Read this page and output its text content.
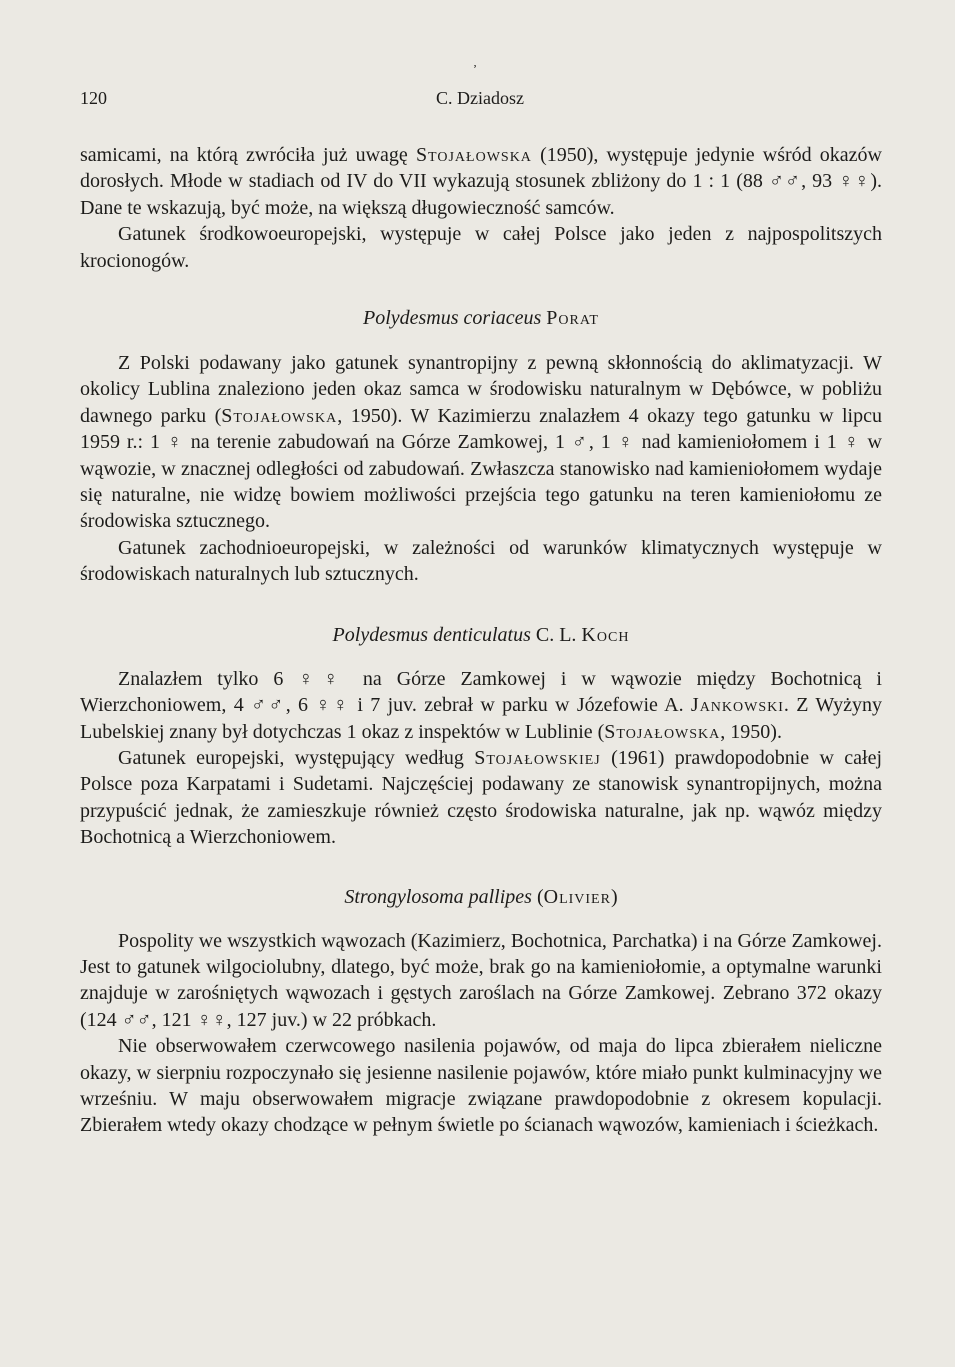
ʼ
120	C. Dziadosz

samicami, na którą zwróciła już uwagę Stojałowska (1950), występuje jedynie wśród okazów dorosłych. Młode w stadiach od IV do VII wykazują stosunek zbliżony do 1 : 1 (88 ♂♂, 93 ♀♀). Dane te wskazują, być może, na większą długowieczność samców.

Gatunek środkowoeuropejski, występuje w całej Polsce jako jeden z najpospolitszych krocionogów.

Polydesmus coriaceus Porat

Z Polski podawany jako gatunek synantropijny z pewną skłonnością do aklimatyzacji. W okolicy Lublina znaleziono jeden okaz samca w środowisku naturalnym w Dębówce, w pobliżu dawnego parku (Stojałowska, 1950). W Kazimierzu znalazłem 4 okazy tego gatunku w lipcu 1959 r.: 1 ♀ na terenie zabudowań na Górze Zamkowej, 1 ♂, 1 ♀ nad kamieniołomem i 1 ♀ w wąwozie, w znacznej odległości od zabudowań. Zwłaszcza stanowisko nad kamieniołomem wydaje się naturalne, nie widzę bowiem możliwości przejścia tego gatunku na teren kamieniołomu ze środowiska sztucznego.

Gatunek zachodnioeuropejski, w zależności od warunków klimatycznych występuje w środowiskach naturalnych lub sztucznych.

Polydesmus denticulatus C. L. Koch

Znalazłem tylko 6 ♀♀ na Górze Zamkowej i w wąwozie między Bochotnicą i Wierzchoniowem, 4 ♂♂, 6 ♀♀ i 7 juv. zebrał w parku w Józefowie A. Jankowski. Z Wyżyny Lubelskiej znany był dotychczas 1 okaz z inspektów w Lublinie (Stojałowska, 1950).

Gatunek europejski, występujący według Stojałowskiej (1961) prawdopodobnie w całej Polsce poza Karpatami i Sudetami. Najczęściej podawany ze stanowisk synantropijnych, można przypuścić jednak, że zamieszkuje również często środowiska naturalne, jak np. wąwóz między Bochotnicą a Wierzchoniowem.

Strongylosoma pallipes (Olivier)

Pospolity we wszystkich wąwozach (Kazimierz, Bochotnica, Parchatka) i na Górze Zamkowej. Jest to gatunek wilgociolubny, dlatego, być może, brak go na kamieniołomie, a optymalne warunki znajduje w zarośniętych wąwozach i gęstych zaroślach na Górze Zamkowej. Zebrano 372 okazy (124 ♂♂, 121 ♀♀, 127 juv.) w 22 próbkach.

Nie obserwowałem czerwcowego nasilenia pojawów, od maja do lipca zbierałem nieliczne okazy, w sierpniu rozpoczynało się jesienne nasilenie pojawów, które miało punkt kulminacyjny we wrześniu. W maju obserwowałem migracje związane prawdopodobnie z okresem kopulacji. Zbierałem wtedy okazy chodzące w pełnym świetle po ścianach wąwozów, kamieniach i ścieżkach.
